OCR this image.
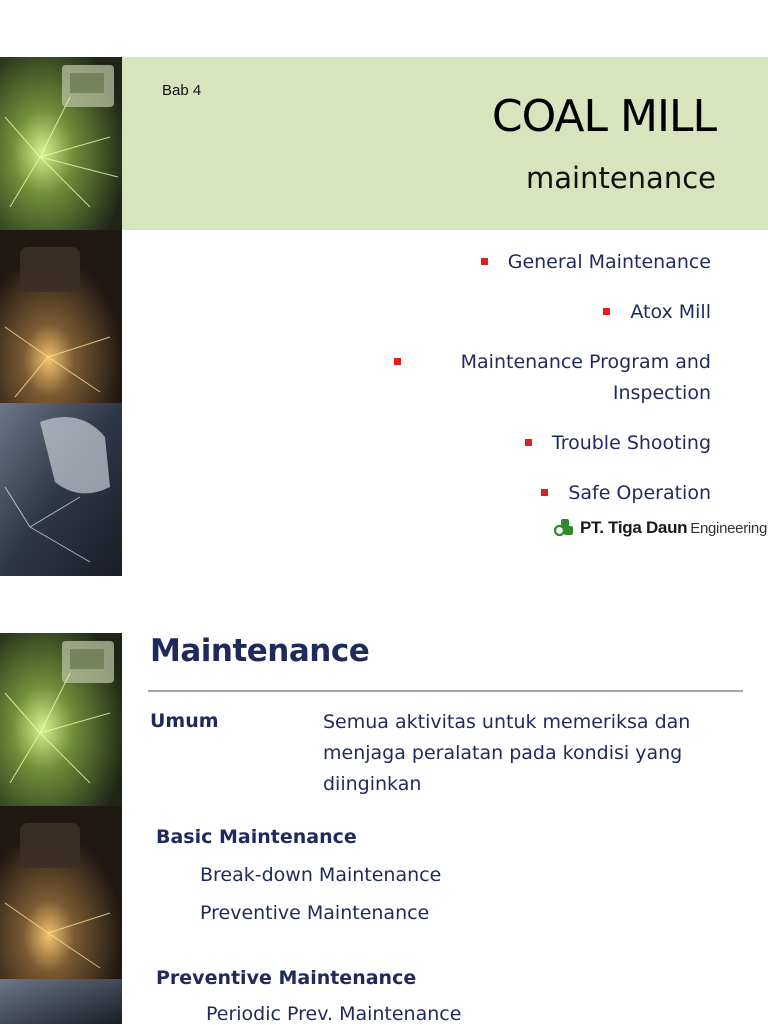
Bab 4
COAL MILL
maintenance
General Maintenance
Atox Mill
Maintenance Program and Inspection
Trouble Shooting
Safe Operation
PT. Tiga Daun Engineering
Maintenance
Umum	Semua aktivitas untuk memeriksa dan menjaga peralatan pada kondisi yang diinginkan
Basic Maintenance
Break-down Maintenance
Preventive Maintenance
Preventive Maintenance
Periodic Prev. Maintenance
